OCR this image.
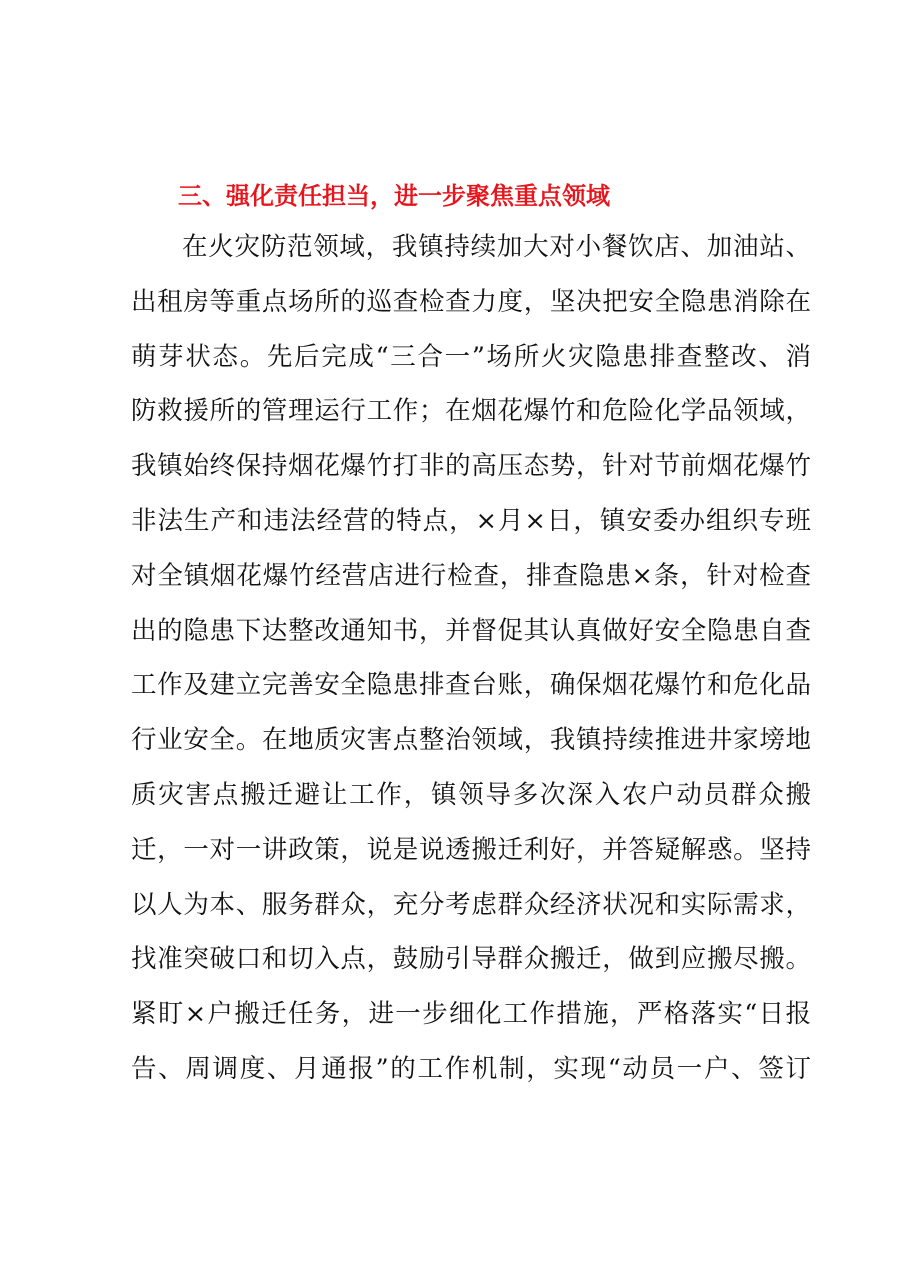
三、强化责任担当，进一步聚焦重点领域
在火灾防范领域，我镇持续加大对小餐饮店、加油站、
出租房等重点场所的巡查检查力度，坚决把安全隐患消除在
萌芽状态。先后完成“三合一”场所火灾隐患排查整改、消
防救援所的管理运行工作；在烟花爆竹和危险化学品领域，
我镇始终保持烟花爆竹打非的高压态势，针对节前烟花爆竹
非法生产和违法经营的特点，×月×日，镇安委办组织专班
对全镇烟花爆竹经营店进行检查，排查隐患×条，针对检查
出的隐患下达整改通知书，并督促其认真做好安全隐患自查
工作及建立完善安全隐患排查台账，确保烟花爆竹和危化品
行业安全。在地质灾害点整治领域，我镇持续推进井家塝地
质灾害点搬迁避让工作，镇领导多次深入农户动员群众搬
迁，一对一讲政策，说是说透搬迁利好，并答疑解惑。坚持
以人为本、服务群众，充分考虑群众经济状况和实际需求，
找准突破口和切入点，鼓励引导群众搬迁，做到应搬尽搬。
紧盯×户搬迁任务，进一步细化工作措施，严格落实“日报
告、周调度、月通报”的工作机制，实现“动员一户、签订
